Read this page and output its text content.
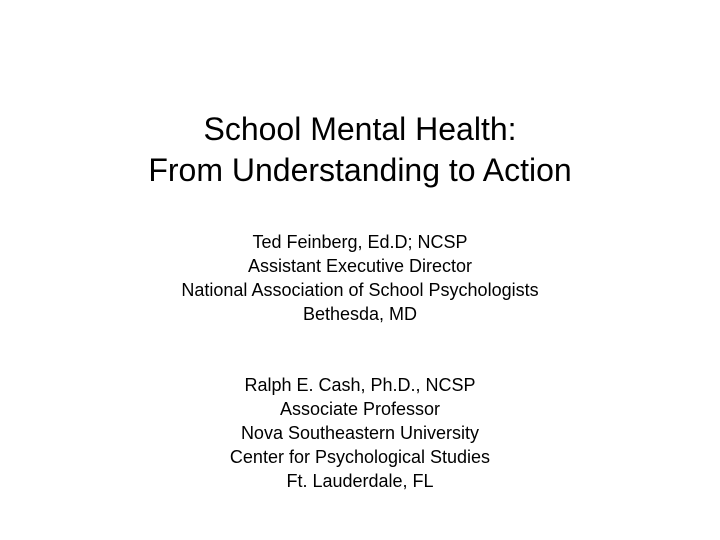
School Mental Health:
From Understanding to Action
Ted Feinberg, Ed.D; NCSP
Assistant Executive Director
National Association of School Psychologists
Bethesda, MD
Ralph E. Cash, Ph.D., NCSP
Associate Professor
Nova Southeastern University
Center for Psychological Studies
Ft. Lauderdale, FL
